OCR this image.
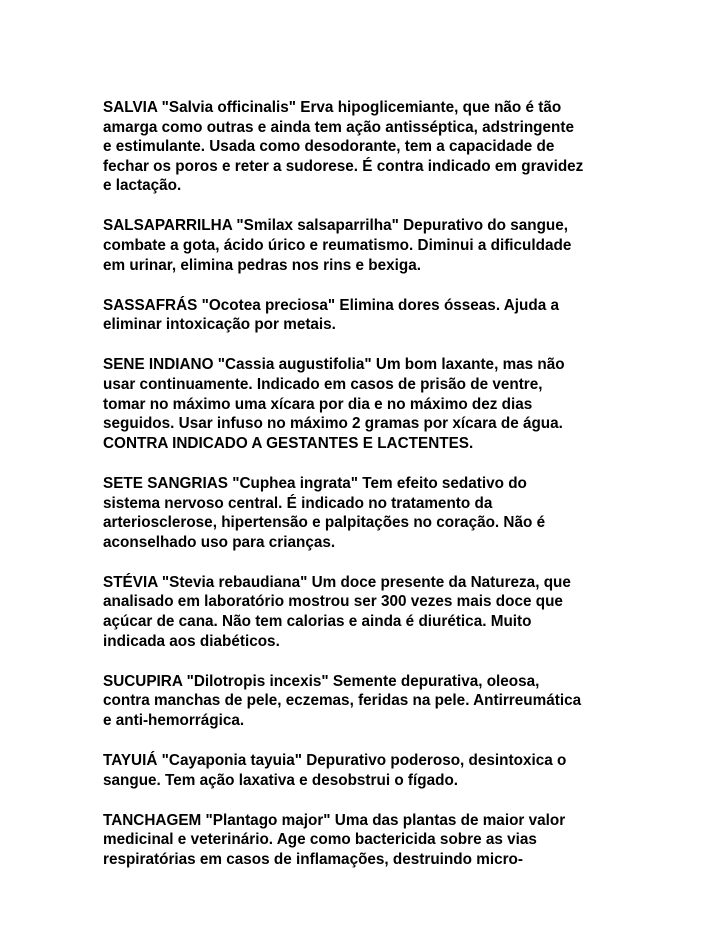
SALVIA "Salvia officinalis" Erva hipoglicemiante, que não é tão
amarga como outras e ainda tem ação antisséptica, adstringente
e estimulante. Usada como desodorante, tem a capacidade de
fechar os poros e reter a sudorese. É contra indicado em gravidez
e lactação.

SALSAPARRILHA "Smilax salsaparrilha" Depurativo do sangue,
combate a gota, ácido úrico e reumatismo. Diminui a dificuldade
em urinar, elimina pedras nos rins e bexiga.

SASSAFRÁS "Ocotea preciosa" Elimina dores ósseas. Ajuda a
eliminar intoxicação por metais.

SENE INDIANO "Cassia augustifolia" Um bom laxante, mas não
usar continuamente. Indicado em casos de prisão de ventre,
tomar no máximo uma xícara por dia e no máximo dez dias
seguidos. Usar infuso no máximo 2 gramas por xícara de água.
CONTRA INDICADO A GESTANTES E LACTENTES.

SETE SANGRIAS "Cuphea ingrata" Tem efeito sedativo do
sistema nervoso central. É indicado no tratamento da
arteriosclerose, hipertensão e palpitações no coração. Não é
aconselhado uso para crianças.

STÉVIA "Stevia rebaudiana" Um doce presente da Natureza, que
analisado em laboratório mostrou ser 300 vezes mais doce que
açúcar de cana. Não tem calorias e ainda é diurética. Muito
indicada aos diabéticos.

SUCUPIRA "Dilotropis incexis" Semente depurativa, oleosa,
contra manchas de pele, eczemas, feridas na pele. Antirreumática
e anti-hemorrágica.

TAYUIÁ "Cayaponia tayuia" Depurativo poderoso, desintoxica o
sangue. Tem ação laxativa e desobstrui o fígado.

TANCHAGEM "Plantago major" Uma das plantas de maior valor
medicinal e veterinário. Age como bactericida sobre as vias
respiratórias em casos de inflamações, destruindo micro-
